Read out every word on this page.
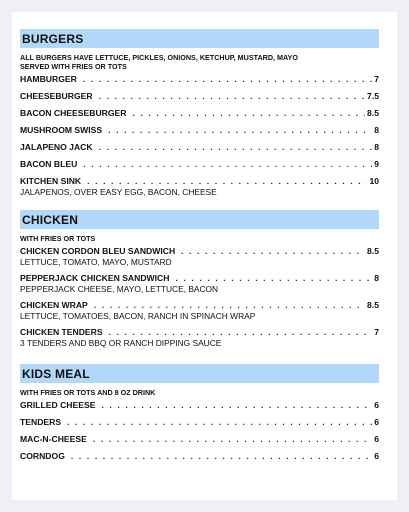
BURGERS
ALL BURGERS HAVE LETTUCE, PICKLES, ONIONS, KETCHUP, MUSTARD, MAYO
SERVED WITH FRIES OR TOTS
HAMBURGER . . .	7
CHEESEBURGER . . .	7.5
BACON CHEESEBURGER . . .	8.5
MUSHROOM SWISS . . .	8
JALAPENO JACK . . .	8
BACON BLEU . . .	9
KITCHEN SINK . . .	10
JALAPENOS, OVER EASY EGG, BACON, CHEESE
CHICKEN
WITH FRIES OR TOTS
CHICKEN CORDON BLEU SANDWICH . . .	8.5
LETTUCE, TOMATO, MAYO, MUSTARD
PEPPERJACK CHICKEN SANDWICH . . .	8
PEPPERJACK CHEESE, MAYO, LETTUCE, BACON
CHICKEN WRAP . . .	8.5
LETTUCE, TOMATOES, BACON, RANCH IN SPINACH WRAP
CHICKEN TENDERS . . .	7
3 TENDERS AND BBQ OR RANCH DIPPING SAUCE
KIDS MEAL
WITH FRIES OR TOTS AND 8 OZ DRINK
GRILLED CHEESE . . .	6
TENDERS . . .	6
MAC-N-CHEESE . . .	6
CORNDOG . . .	6
